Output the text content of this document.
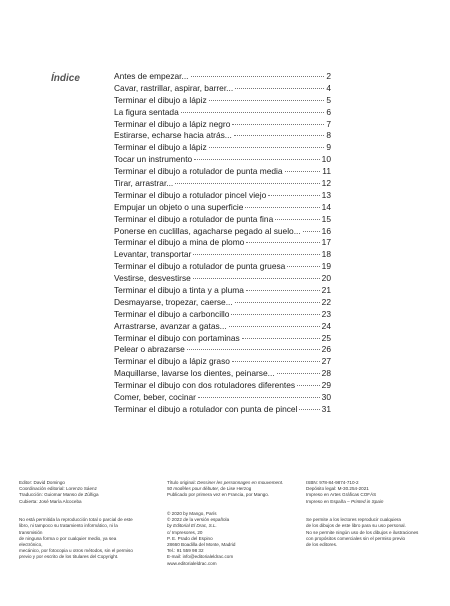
Índice	Antes de empezar...	2
Cavar, rastrillar, aspirar, barrer...	4
Terminar el dibujo a lápiz	5
La figura sentada	6
Terminar el dibujo a lápiz negro	7
Estirarse, echarse hacia atrás...	8
Terminar el dibujo a lápiz	9
Tocar un instrumento	10
Terminar el dibujo a rotulador de punta media	11
Tirar, arrastrar...	12
Terminar el dibujo a rotulador pincel viejo	13
Empujar un objeto o una superficie	14
Terminar el dibujo a rotulador de punta fina	15
Ponerse en cuclillas, agacharse pegado al suelo... 16
Terminar el dibujo a mina de plomo	17
Levantar, transportar	18
Terminar el dibujo a rotulador de punta gruesa	19
Vestirse, desvestirse	20
Terminar el dibujo a tinta y a pluma	21
Desmayarse, tropezar, caerse...	22
Terminar el dibujo a carboncillo	23
Arrastrarse, avanzar a gatas...	24
Terminar el dibujo con portaminas	25
Pelear o abrazarse	26
Terminar el dibujo a lápiz graso	27
Maquillarse, lavarse los dientes, peinarse...	28
Terminar el dibujo con dos rotuladores diferentes	29
Comer, beber, cocinar	30
Terminar el dibujo a rotulador con punta de pincel	31

Editor: David Domingo

Coordinación editorial: Lorenzo Sáenz

Traducción: Guiomar Manso de Zúñiga

Cubierta: José María Alcoceba

No está permitida la reproducción total o parcial de este

libro, ni tampoco su tratamiento informático, ni la transmisión

de ninguna forma o por cualquier medio, ya sea electrónico,

mecánico, por fotocopia u otros métodos, sin el permiso

previo y por escrito de los titulares del Copyright.

Título original: Dessiner les personnages en mouvement.

50 modèles pour débuter, de Lise Herzog

Publicado por primera vez en Francia, por Mango.

© 2020 by Mango, París

© 2022 de la versión española

by Editorial El Drac, S.L.

c/ Impresores, 20

P. E. Prado del Espino

28660 Boadilla del Monte, Madrid

Tel.: 91 559 98 32

E-mail: info@editorialeldrac.com

www.editorialeldrac.com

ISBN: 978-84-9874-710-2

Depósito legal: M-30.254-2021

Impreso en Artes Gráficas COFÁS

Impreso en España – Printed in Spain

Se permite a los lectores reproducir cualquiera

de los dibujos de este libro para su uso personal.

No se permite ningún uso de los dibujos e ilustraciones

con propósitos comerciales sin el permiso previo

de los editores.
